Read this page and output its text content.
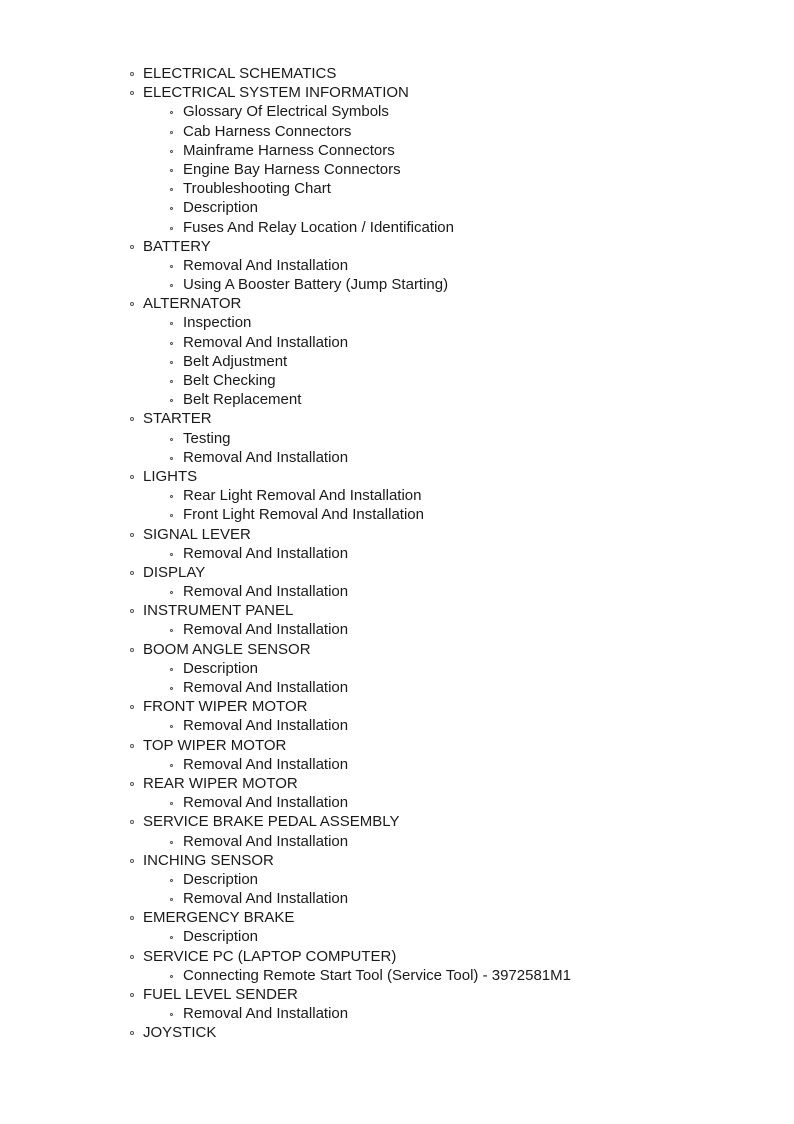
ELECTRICAL SCHEMATICS
ELECTRICAL SYSTEM INFORMATION
Glossary Of Electrical Symbols
Cab Harness Connectors
Mainframe Harness Connectors
Engine Bay Harness Connectors
Troubleshooting Chart
Description
Fuses And Relay Location / Identification
BATTERY
Removal And Installation
Using A Booster Battery (Jump Starting)
ALTERNATOR
Inspection
Removal And Installation
Belt Adjustment
Belt Checking
Belt Replacement
STARTER
Testing
Removal And Installation
LIGHTS
Rear Light Removal And Installation
Front Light Removal And Installation
SIGNAL LEVER
Removal And Installation
DISPLAY
Removal And Installation
INSTRUMENT PANEL
Removal And Installation
BOOM ANGLE SENSOR
Description
Removal And Installation
FRONT WIPER MOTOR
Removal And Installation
TOP WIPER MOTOR
Removal And Installation
REAR WIPER MOTOR
Removal And Installation
SERVICE BRAKE PEDAL ASSEMBLY
Removal And Installation
INCHING SENSOR
Description
Removal And Installation
EMERGENCY BRAKE
Description
SERVICE PC (LAPTOP COMPUTER)
Connecting Remote Start Tool (Service Tool) - 3972581M1
FUEL LEVEL SENDER
Removal And Installation
JOYSTICK
